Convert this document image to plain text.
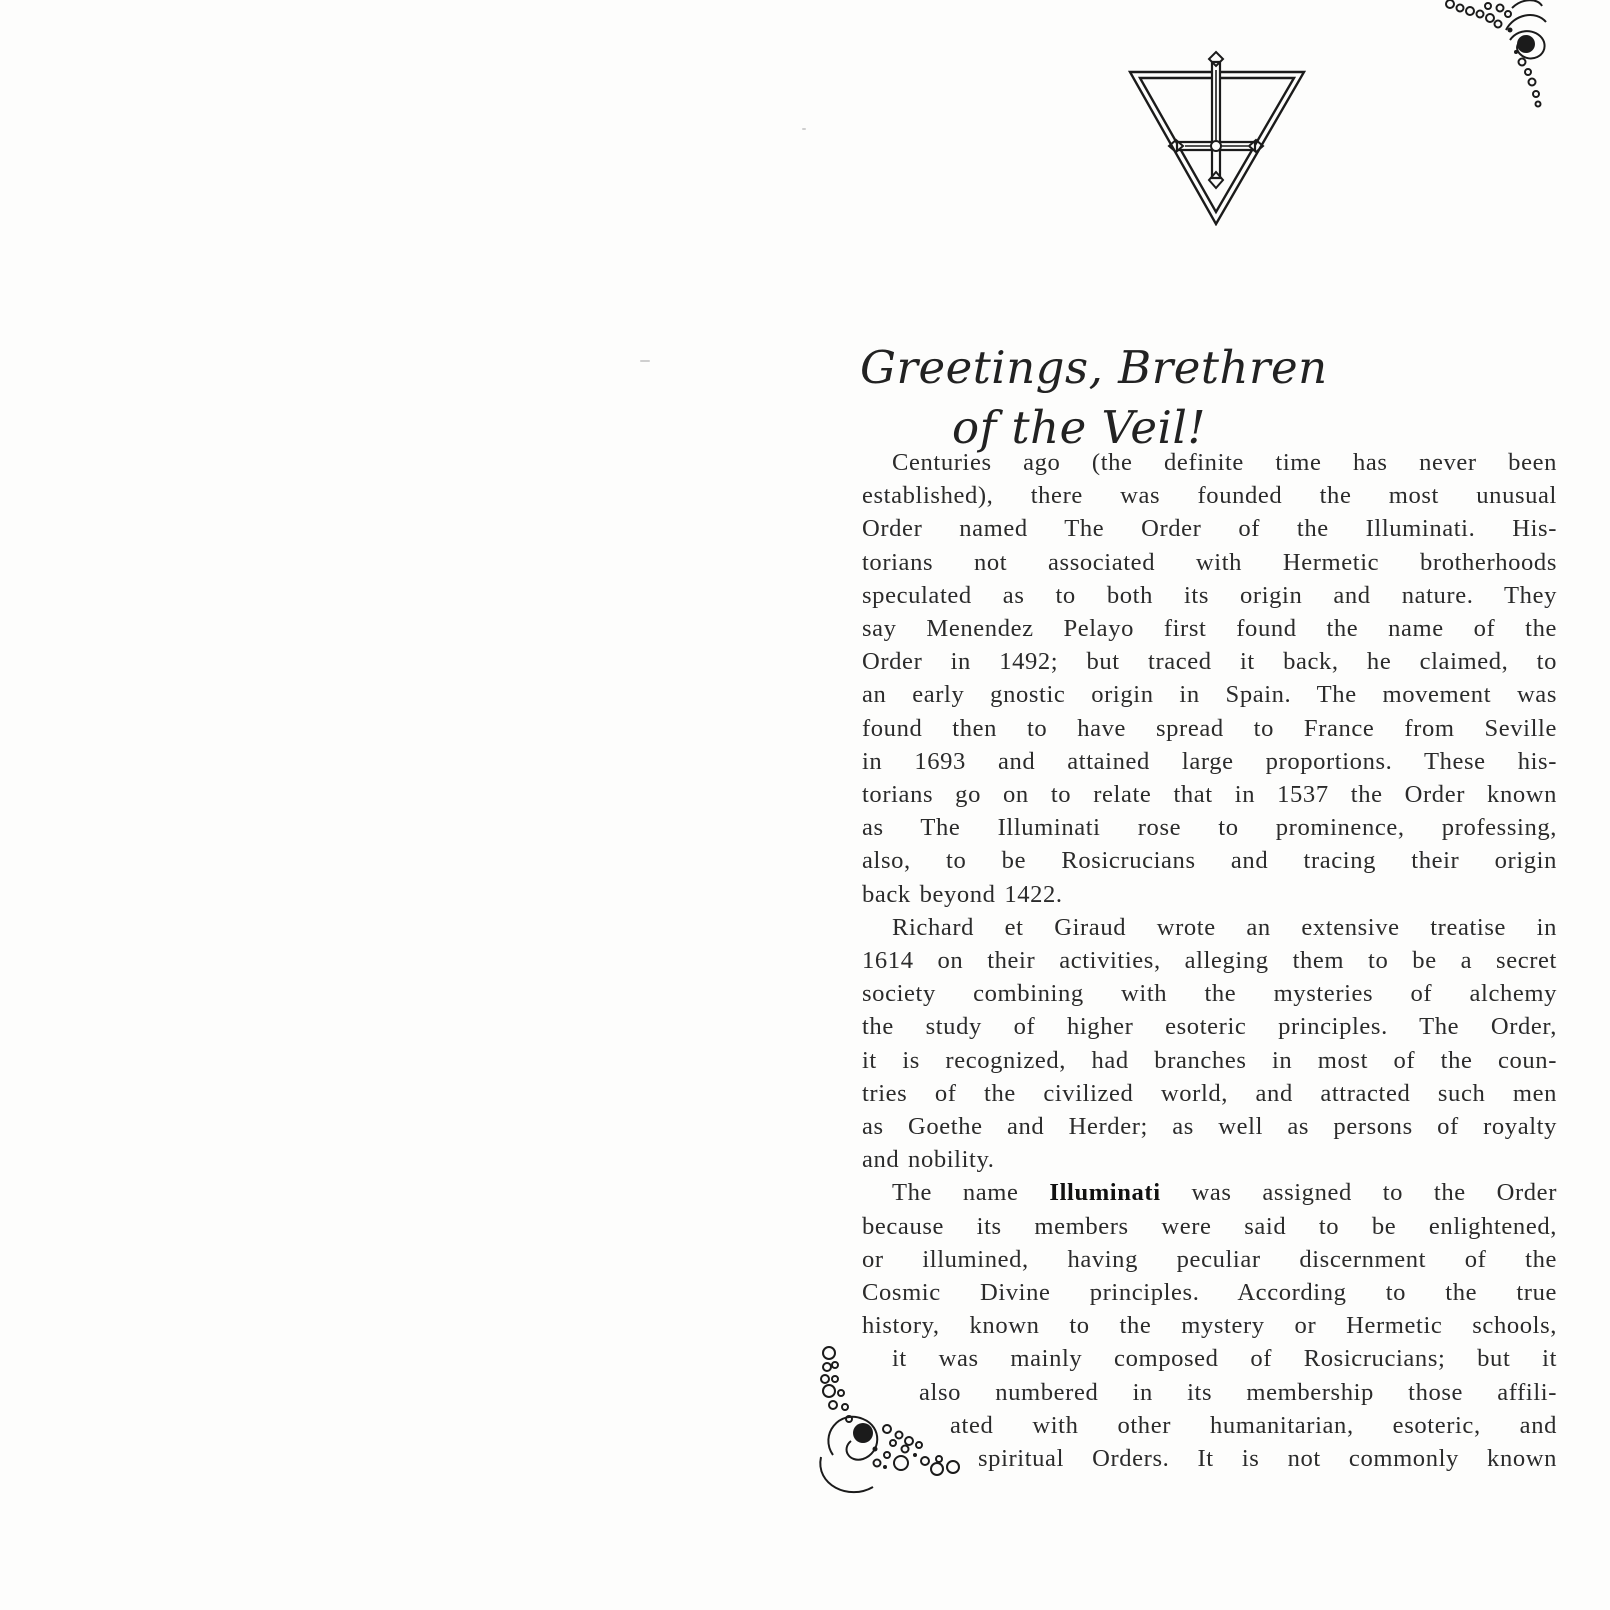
Greetings, Brethren
of the Veil!

Centuries ago (the definite time has never been
established), there was founded the most unusual
Order named The Order of the Illuminati. His-
torians not associated with Hermetic brotherhoods
speculated as to both its origin and nature. They
say Menendez Pelayo first found the name of the
Order in 1492; but traced it back, he claimed, to
an early gnostic origin in Spain. The movement was
found then to have spread to France from Seville
in 1693 and attained large proportions. These his-
torians go on to relate that in 1537 the Order known
as The Illuminati rose to prominence, professing,
also, to be Rosicrucians and tracing their origin
back beyond 1422.

Richard et Giraud wrote an extensive treatise in
1614 on their activities, alleging them to be a secret
society combining with the mysteries of alchemy
the study of higher esoteric principles. The Order,
it is recognized, had branches in most of the coun-
tries of the civilized world, and attracted such men
as Goethe and Herder; as well as persons of royalty
and nobility.

The name Illuminati was assigned to the Order
because its members were said to be enlightened,
or illumined, having peculiar discernment of the
Cosmic Divine principles. According to the true
history, known to the mystery or Hermetic schools,
it was mainly composed of Rosicrucians; but it
also numbered in its membership those affili-
ated with other humanitarian, esoteric, and
spiritual Orders. It is not commonly known
